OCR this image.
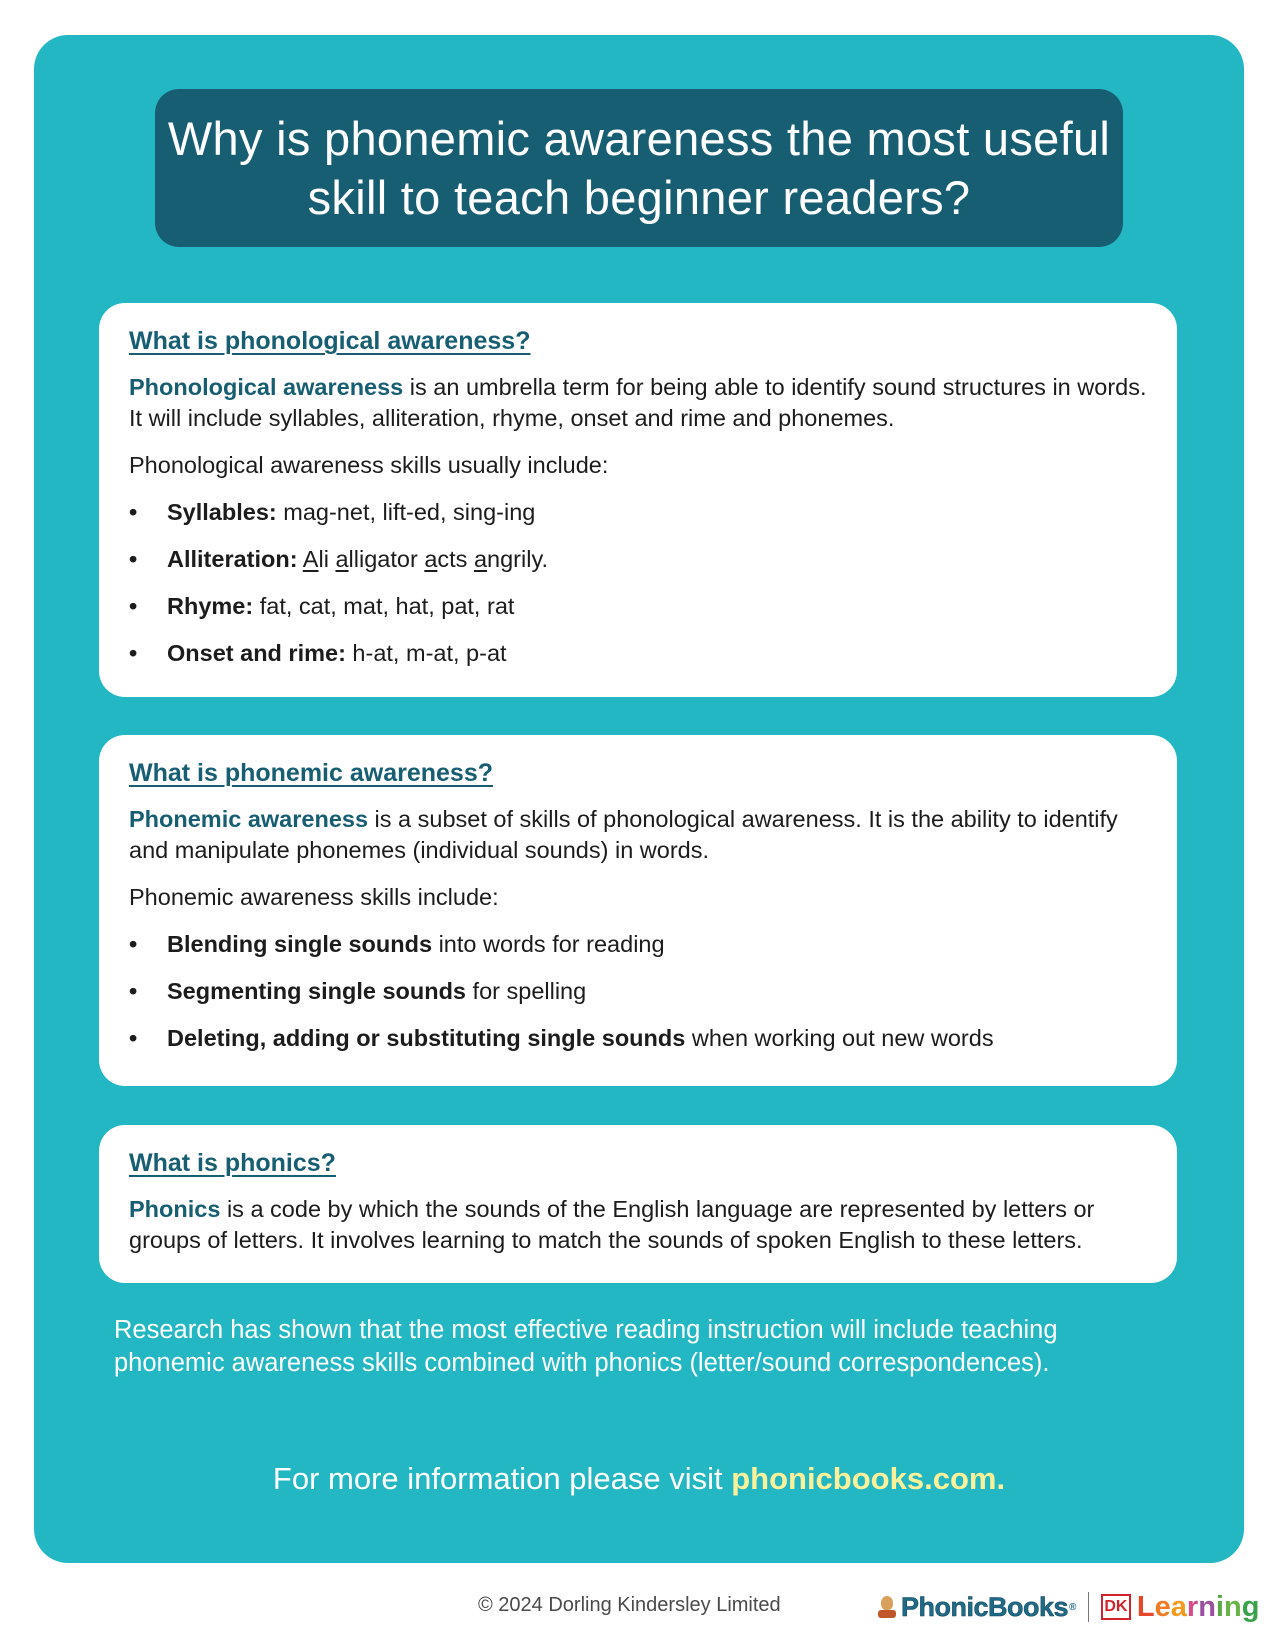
Why is phonemic awareness the most useful skill to teach beginner readers?
What is phonological awareness?

Phonological awareness is an umbrella term for being able to identify sound structures in words. It will include syllables, alliteration, rhyme, onset and rime and phonemes.

Phonological awareness skills usually include:

•
Syllables: mag-net, lift-ed, sing-ing
•
Alliteration: Ali alligator acts angrily.
•
Rhyme: fat, cat, mat, hat, pat, rat
•
Onset and rime: h-at, m-at, p-at
What is phonemic awareness?

Phonemic awareness is a subset of skills of phonological awareness. It is the ability to identify and manipulate phonemes (individual sounds) in words.

Phonemic awareness skills include:

•
Blending single sounds into words for reading
•
Segmenting single sounds for spelling
•
Deleting, adding or substituting single sounds when working out new words
What is phonics?

Phonics is a code by which the sounds of the English language are represented by letters or groups of letters. It involves learning to match the sounds of spoken English to these letters.

Research has shown that the most effective reading instruction will include teaching phonemic awareness skills combined with phonics (letter/sound correspondences).
For more information please visit phonicbooks.com.
© 2024 Dorling Kindersley Limited	PhonicBooks ® DK Learning
